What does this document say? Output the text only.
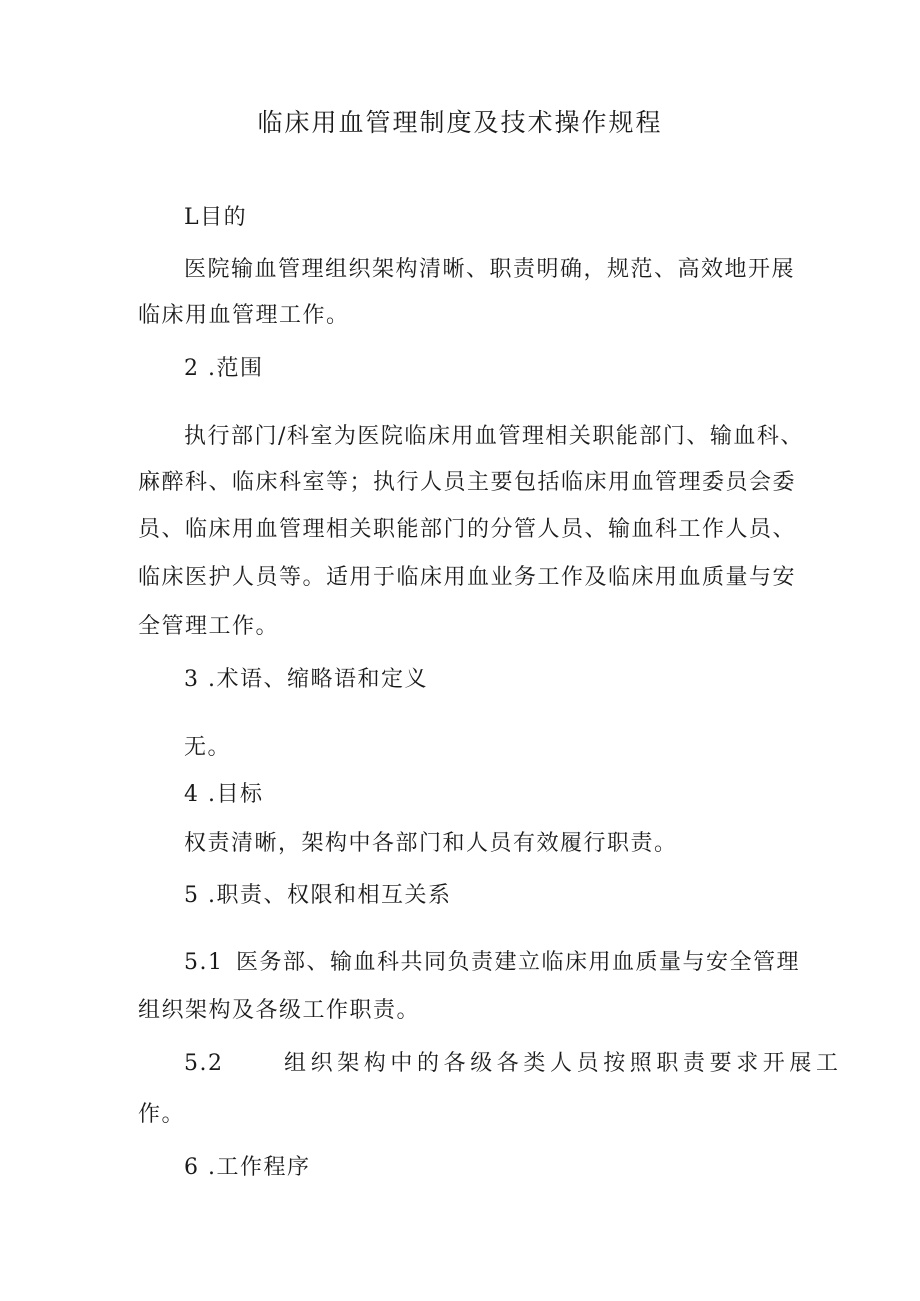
临床用血管理制度及技术操作规程
L目的
医院输血管理组织架构清晰、职责明确，规范、高效地开展
临床用血管理工作。
2 .范围
执行部门/科室为医院临床用血管理相关职能部门、输血科、
麻醉科、临床科室等；执行人员主要包括临床用血管理委员会委
员、临床用血管理相关职能部门的分管人员、输血科工作人员、
临床医护人员等。适用于临床用血业务工作及临床用血质量与安
全管理工作。
3 .术语、缩略语和定义
无。
4 .目标
权责清晰，架构中各部门和人员有效履行职责。
5 .职责、权限和相互关系
5.1 医务部、输血科共同负责建立临床用血质量与安全管理
组织架构及各级工作职责。
5.2	组织架构中的各级各类人员按照职责要求开展工
作。
6 .工作程序
